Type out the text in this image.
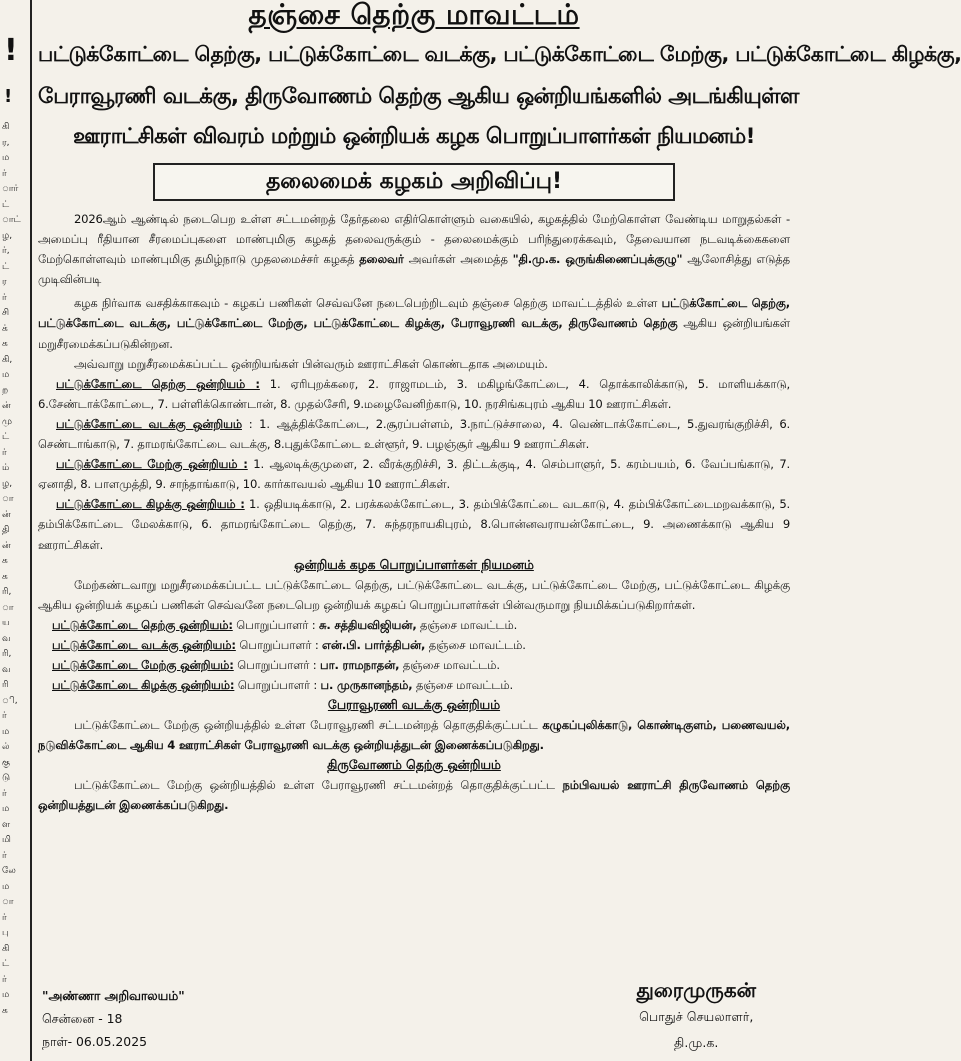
!
!
கி
ர,
ம
ர்
ார்
ட்
ாட்
ழ,
ர்,
ட்
ர
ர்
சி
க்
க
கி,
ம
ற
ன்
மு
ட்
ர்
ம்
ழ,
ா
ன்
தி
ன்
க
க
ரி,
ா
ய
வ
ரி,
வ
ரி
ி,
ர்
ம
ல்
கு
டு
ர்
ம
ள
மி
ர்
லே
ம
ா
ர்
பு
கி
ட்
ர்
ம
க
தஞ்சை தெற்கு மாவட்டம்
பட்டுக்கோட்டை தெற்கு, பட்டுக்கோட்டை வடக்கு, பட்டுக்கோட்டை மேற்கு, பட்டுக்கோட்டை கிழக்கு,
பேராவூரணி வடக்கு, திருவோணம் தெற்கு ஆகிய ஒன்றியங்களில் அடங்கியுள்ள
ஊராட்சிகள் விவரம் மற்றும் ஒன்றியக் கழக பொறுப்பாளர்கள் நியமனம்!
தலைமைக் கழகம் அறிவிப்பு!

2026ஆம் ஆண்டில் நடைபெற உள்ள சட்டமன்றத் தேர்தலை எதிர்கொள்ளும் வகையில், கழகத்தில் மேற்கொள்ள வேண்டிய மாறுதல்கள் - அமைப்பு ரீதியான சீரமைப்புகளை மாண்புமிகு கழகத் தலைவருக்கும் - தலைமைக்கும் பரிந்துரைக்கவும், தேவையான நடவடிக்கைகளை மேற்கொள்ளவும் மாண்புமிகு தமிழ்நாடு முதலமைச்சர் கழகத் தலைவர் அவர்கள் அமைத்த "தி.மு.க. ஒருங்கிணைப்புக்குழு" ஆலோசித்து எடுத்த முடிவின்படி

கழக நிர்வாக வசதிக்காகவும் - கழகப் பணிகள் செவ்வனே நடைபெற்றிடவும் தஞ்சை தெற்கு மாவட்டத்தில் உள்ள பட்டுக்கோட்டை தெற்கு, பட்டுக்கோட்டை வடக்கு, பட்டுக்கோட்டை மேற்கு, பட்டுக்கோட்டை கிழக்கு, பேராவூரணி வடக்கு, திருவோணம் தெற்கு ஆகிய ஒன்றியங்கள் மறுசீரமைக்கப்படுகின்றன.

அவ்வாறு மறுசீரமைக்கப்பட்ட ஒன்றியங்கள் பின்வரும் ஊராட்சிகள் கொண்டதாக அமையும்.

பட்டுக்கோட்டை தெற்கு ஒன்றியம் : 1. ஏரிபுறக்கரை, 2. ராஜாமடம், 3. மகிழங்கோட்டை, 4. தொக்காலிக்காடு, 5. மாளியக்காடு, 6.சேண்டாக்கோட்டை, 7. பள்ளிக்கொண்டான், 8. முதல்சேரி, 9.மழைவேனிற்காடு, 10. நரசிங்கபுரம் ஆகிய 10 ஊராட்சிகள்.

பட்டுக்கோட்டை வடக்கு ஒன்றியம் : 1. ஆத்திக்கோட்டை, 2.சூரப்பள்ளம், 3.நாட்டுச்சாலை, 4. வெண்டாக்கோட்டை, 5.துவரங்குறிச்சி, 6. செண்டாங்காடு, 7. தாமரங்கோட்டை வடக்கு, 8.புதுக்கோட்டை உள்ளூர், 9. பழஞ்சூர் ஆகிய 9 ஊராட்சிகள்.

பட்டுக்கோட்டை மேற்கு ஒன்றியம் : 1. ஆலடிக்குமுளை, 2. வீரக்குறிச்சி, 3. திட்டக்குடி, 4. செம்பாளுர், 5. கரம்பயம், 6. வேப்பங்காடு, 7. ஏனாதி, 8. பாளமுத்தி, 9. சாந்தாங்காடு, 10. கார்காவயல் ஆகிய 10 ஊராட்சிகள்.

பட்டுக்கோட்டை கிழக்கு ஒன்றியம் : 1. ஒதியடிக்காடு, 2. பரக்கலக்கோட்டை, 3. தம்பிக்கோட்டை வடகாடு, 4. தம்பிக்கோட்டைமறவக்காடு, 5. தம்பிக்கோட்டை மேலக்காடு, 6. தாமரங்கோட்டை தெற்கு, 7. சுந்தரநாயகிபுரம், 8.பொன்னவராயன்கோட்டை, 9. அணைக்காடு ஆகிய 9 ஊராட்சிகள்.

ஒன்றியக் கழக பொறுப்பாளர்கள் நியமனம்

மேற்கண்டவாறு மறுசீரமைக்கப்பட்ட பட்டுக்கோட்டை தெற்கு, பட்டுக்கோட்டை வடக்கு, பட்டுக்கோட்டை மேற்கு, பட்டுக்கோட்டை கிழக்கு ஆகிய ஒன்றியக் கழகப் பணிகள் செவ்வனே நடைபெற ஒன்றியக் கழகப் பொறுப்பாளர்கள் பின்வருமாறு நியமிக்கப்படுகிறார்கள்.

பட்டுக்கோட்டை தெற்கு ஒன்றியம்: பொறுப்பாளர் : சு. சத்தியவிஜியன், தஞ்சை மாவட்டம்.

பட்டுக்கோட்டை வடக்கு ஒன்றியம்: பொறுப்பாளர் : என்.பி. பார்த்திபன், தஞ்சை மாவட்டம்.

பட்டுக்கோட்டை மேற்கு ஒன்றியம்: பொறுப்பாளர் : பா. ராமநாதன், தஞ்சை மாவட்டம்.

பட்டுக்கோட்டை கிழக்கு ஒன்றியம்: பொறுப்பாளர் : ப. முருகானந்தம், தஞ்சை மாவட்டம்.

பேராவூரணி வடக்கு ஒன்றியம்

பட்டுக்கோட்டை மேற்கு ஒன்றியத்தில் உள்ள பேராவூரணி சட்டமன்றத் தொகுதிக்குட்பட்ட கழுகப்புலிக்காடு, கொண்டிகுளம், பணைவயல், நடுவிக்கோட்டை ஆகிய 4 ஊராட்சிகள் பேராவூரணி வடக்கு ஒன்றியத்துடன் இணைக்கப்படுகிறது.

திருவோணம் தெற்கு ஒன்றியம்

பட்டுக்கோட்டை மேற்கு ஒன்றியத்தில் உள்ள பேராவூரணி சட்டமன்றத் தொகுதிக்குட்பட்ட நம்பிவயல் ஊராட்சி திருவோணம் தெற்கு ஒன்றியத்துடன் இணைக்கப்படுகிறது.

"அண்ணா அறிவாலயம்"
சென்னை - 18
நாள்- 06.05.2025
துரைமுருகன்
பொதுச் செயலாளர்,
தி.மு.க.
